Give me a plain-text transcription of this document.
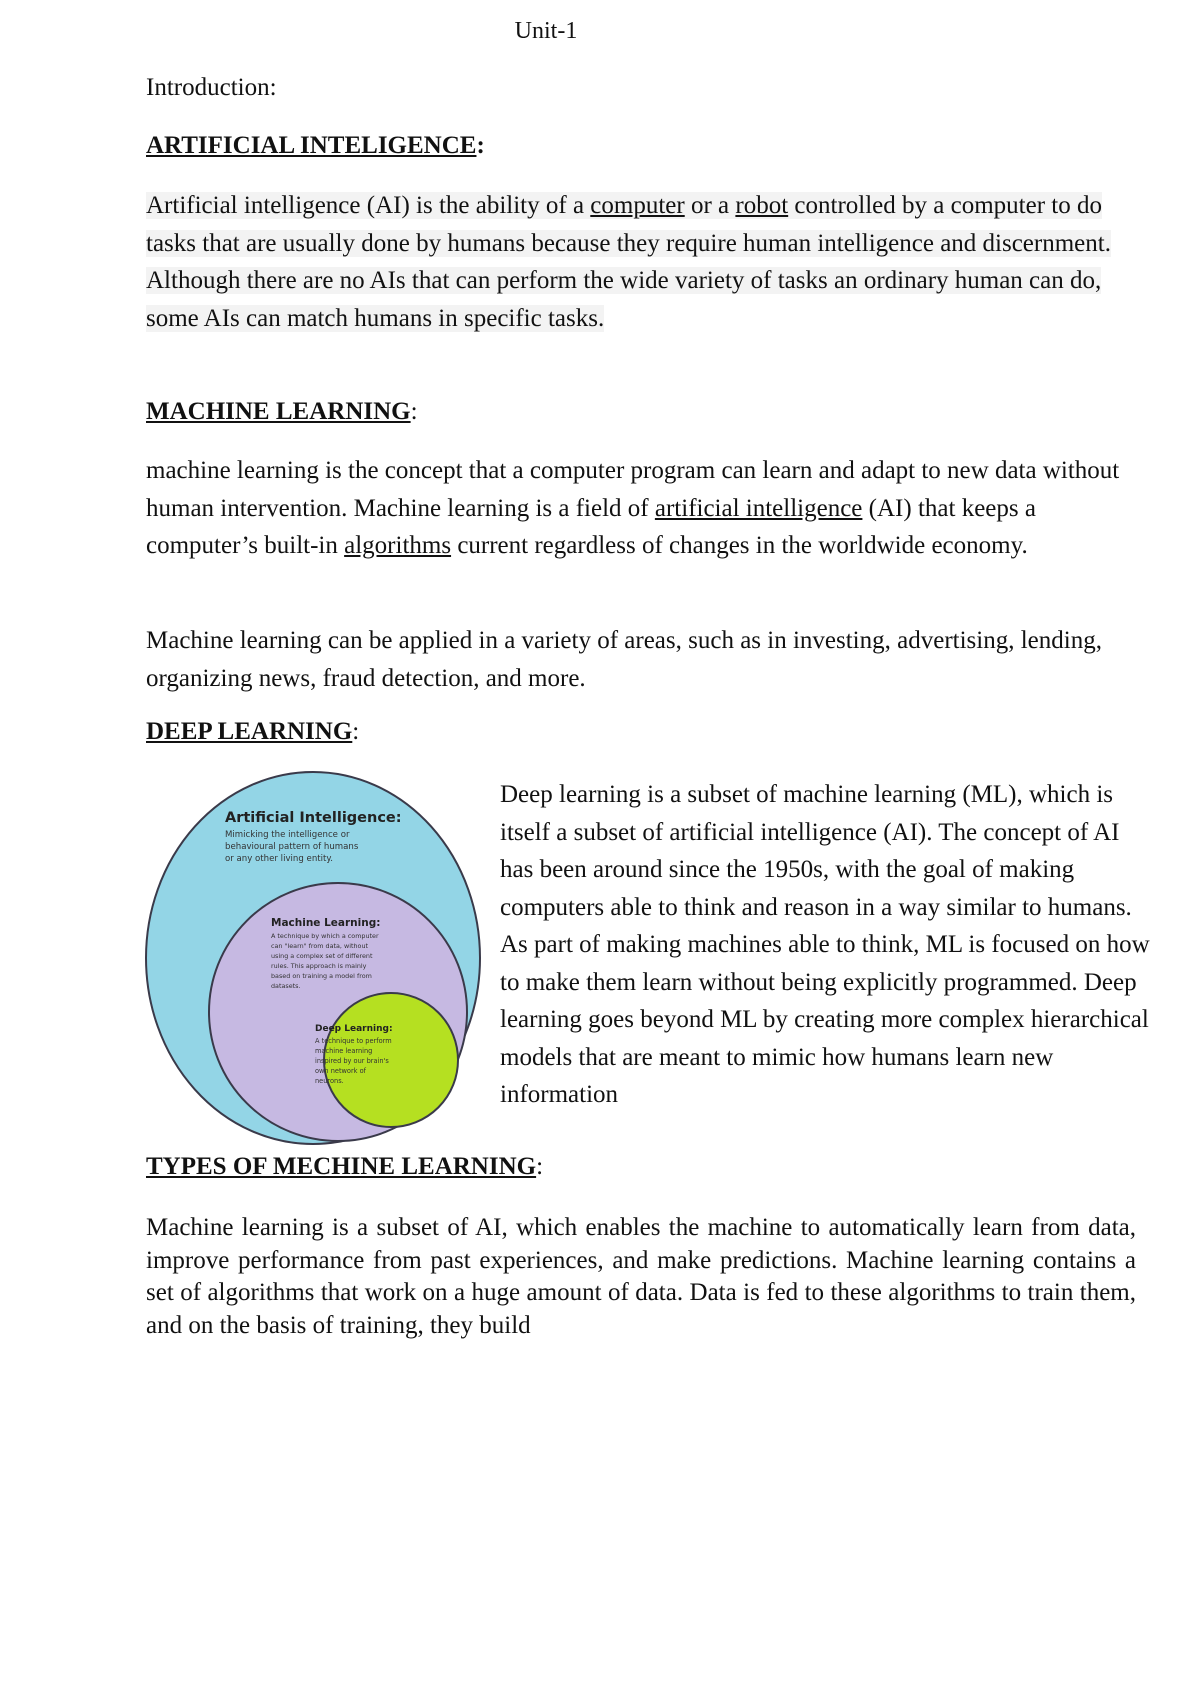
Unit-1
Introduction:
ARTIFICIAL INTELIGENCE:
Artificial intelligence (AI) is the ability of a computer or a robot controlled by a computer to do tasks that are usually done by humans because they require human intelligence and discernment. Although there are no AIs that can perform the wide variety of tasks an ordinary human can do, some AIs can match humans in specific tasks.
MACHINE LEARNING:
machine learning is the concept that a computer program can learn and adapt to new data without human intervention. Machine learning is a field of artificial intelligence (AI) that keeps a computer’s built-in algorithms current regardless of changes in the worldwide economy.
Machine learning can be applied in a variety of areas, such as in investing, advertising, lending, organizing news, fraud detection, and more.
DEEP LEARNING:
Artificial Intelligence:
Mimicking the intelligence or
behavioural pattern of humans
or any other living entity.
Machine Learning:
A technique by which a computer
can "learn" from data, without
using a complex set of different
rules. This approach is mainly
based on training a model from
datasets.
Deep Learning:
A technique to perform
machine learning
inspired by our brain's
own network of
neurons.
Deep learning is a subset of machine learning (ML), which is itself a subset of artificial intelligence (AI). The concept of AI has been around since the 1950s, with the goal of making computers able to think and reason in a way similar to humans. As part of making machines able to think, ML is focused on how to make them learn without being explicitly programmed. Deep learning goes beyond ML by creating more complex hierarchical models that are meant to mimic how humans learn new information
TYPES OF MECHINE LEARNING:
Machine learning is a subset of AI, which enables the machine to automatically learn from data, improve performance from past experiences, and make predictions. Machine learning contains a set of algorithms that work on a huge amount of data. Data is fed to these algorithms to train them, and on the basis of training, they build
